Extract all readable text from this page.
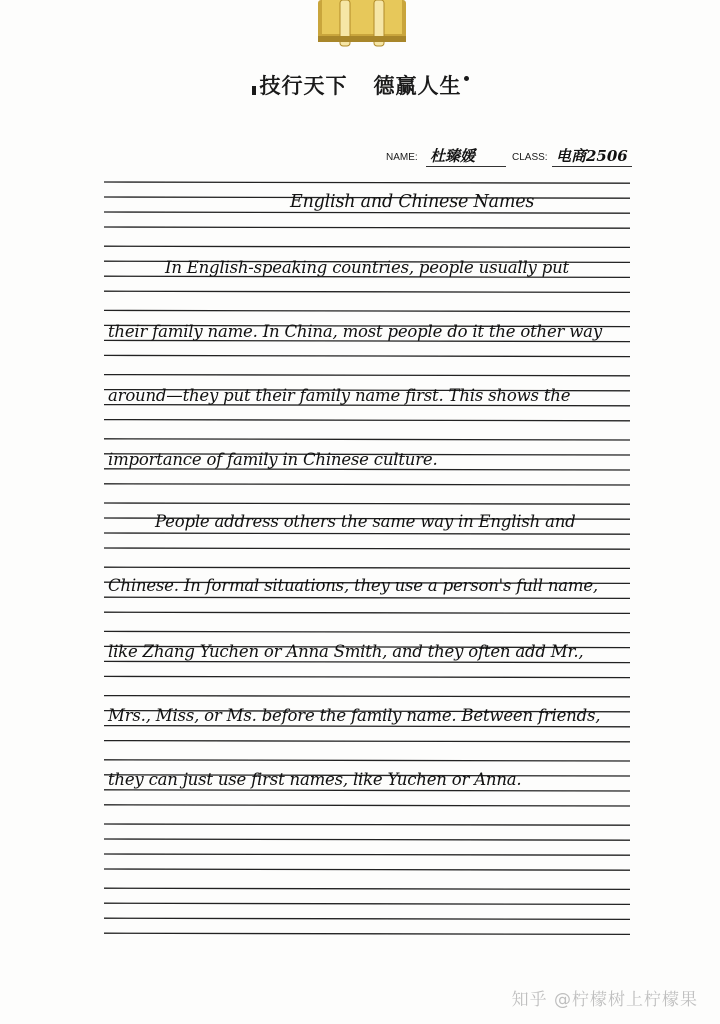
技行天下 德赢人生
NAME: 杜臻媛	CLASS: 电商2506
English and Chinese Names
In English-speaking countries, people usually put
their family name. In China, most people do it the other way
around—they put their family name first. This shows the
importance of family in Chinese culture.
People address others the same way in English and
Chinese. In formal situations, they use a person's full name,
like Zhang Yuchen or Anna Smith, and they often add Mr.,
Mrs., Miss, or Ms. before the family name. Between friends,
they can just use first names, like Yuchen or Anna.
知乎 @柠檬树上柠檬果
